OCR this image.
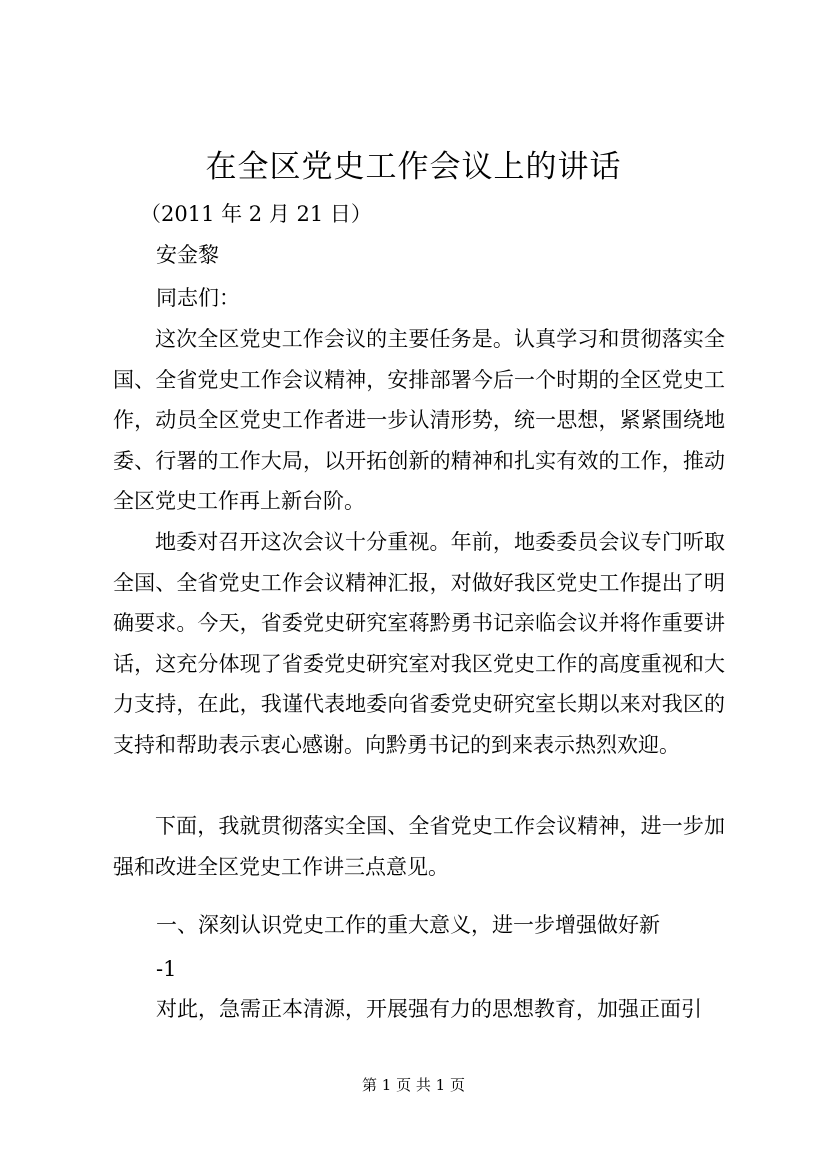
在全区党史工作会议上的讲话

（2011 年 2 月 21 日）

安金黎

同志们：

这次全区党史工作会议的主要任务是。认真学习和贯彻落实全国、全省党史工作会议精神，安排部署今后一个时期的全区党史工作，动员全区党史工作者进一步认清形势，统一思想，紧紧围绕地委、行署的工作大局，以开拓创新的精神和扎实有效的工作，推动全区党史工作再上新台阶。

地委对召开这次会议十分重视。年前，地委委员会议专门听取全国、全省党史工作会议精神汇报，对做好我区党史工作提出了明确要求。今天，省委党史研究室蒋黔勇书记亲临会议并将作重要讲话，这充分体现了省委党史研究室对我区党史工作的高度重视和大力支持，在此，我谨代表地委向省委党史研究室长期以来对我区的支持和帮助表示衷心感谢。向黔勇书记的到来表示热烈欢迎。

下面，我就贯彻落实全国、全省党史工作会议精神，进一步加强和改进全区党史工作讲三点意见。

一、深刻认识党史工作的重大意义，进一步增强做好新

-1

对此，急需正本清源，开展强有力的思想教育，加强正面引

第 1 页 共 1 页
